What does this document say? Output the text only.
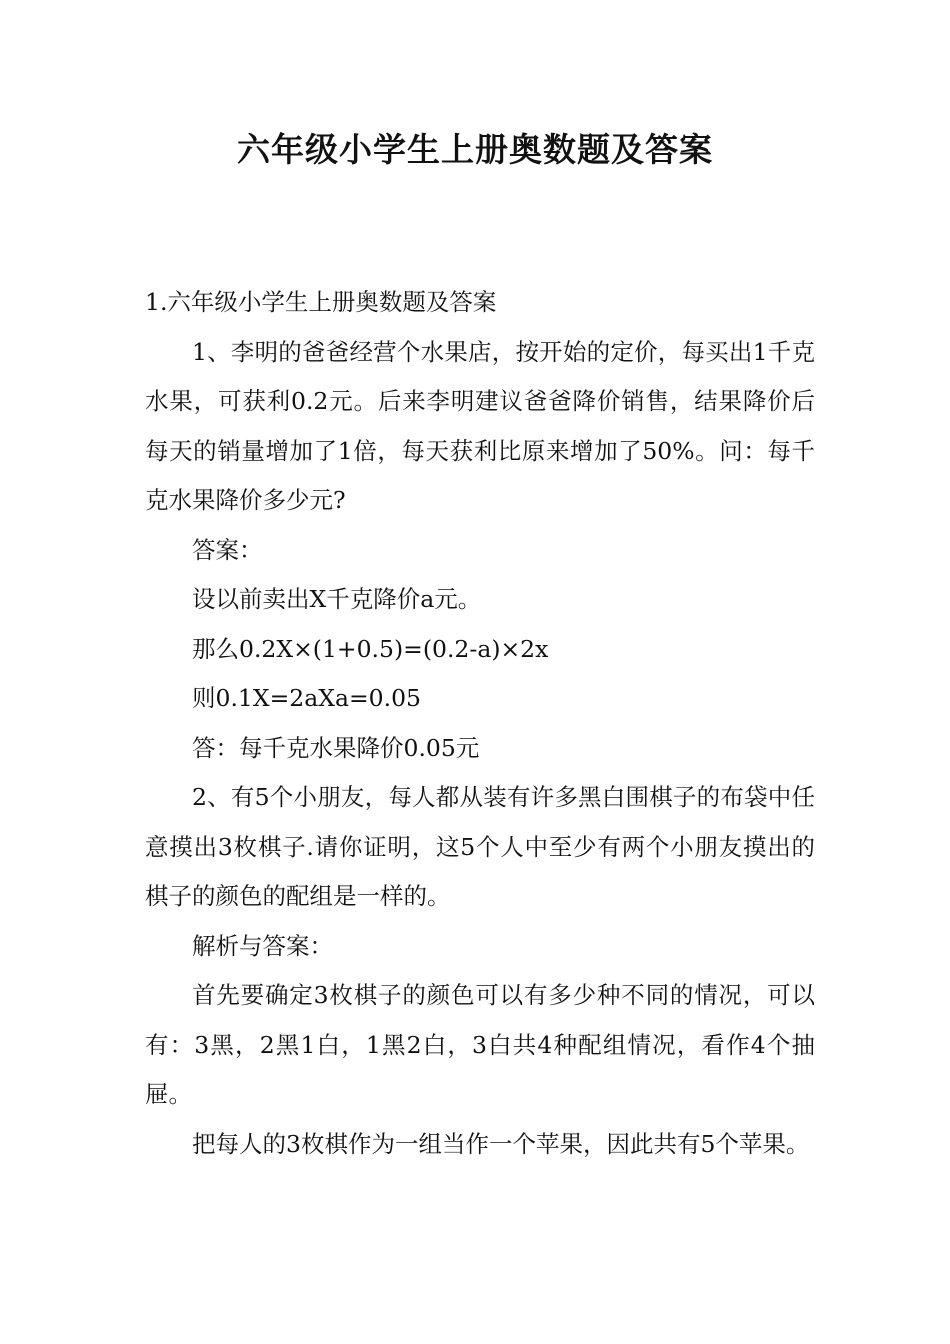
六年级小学生上册奥数题及答案

1.六年级小学生上册奥数题及答案

1、李明的爸爸经营个水果店，按开始的定价，每买出1千克水果，可获利0.2元。后来李明建议爸爸降价销售，结果降价后每天的销量增加了1倍，每天获利比原来增加了50%。问：每千克水果降价多少元?

答案：

设以前卖出X千克降价a元。

那么0.2X×(1+0.5)=(0.2-a)×2x

则0.1X=2aXa=0.05

答：每千克水果降价0.05元

2、有5个小朋友，每人都从装有许多黑白围棋子的布袋中任意摸出3枚棋子.请你证明，这5个人中至少有两个小朋友摸出的棋子的颜色的配组是一样的。

解析与答案：

首先要确定3枚棋子的颜色可以有多少种不同的情况，可以有：3黑，2黑1白，1黑2白，3白共4种配组情况，看作4个抽屉。

把每人的3枚棋作为一组当作一个苹果，因此共有5个苹果。
